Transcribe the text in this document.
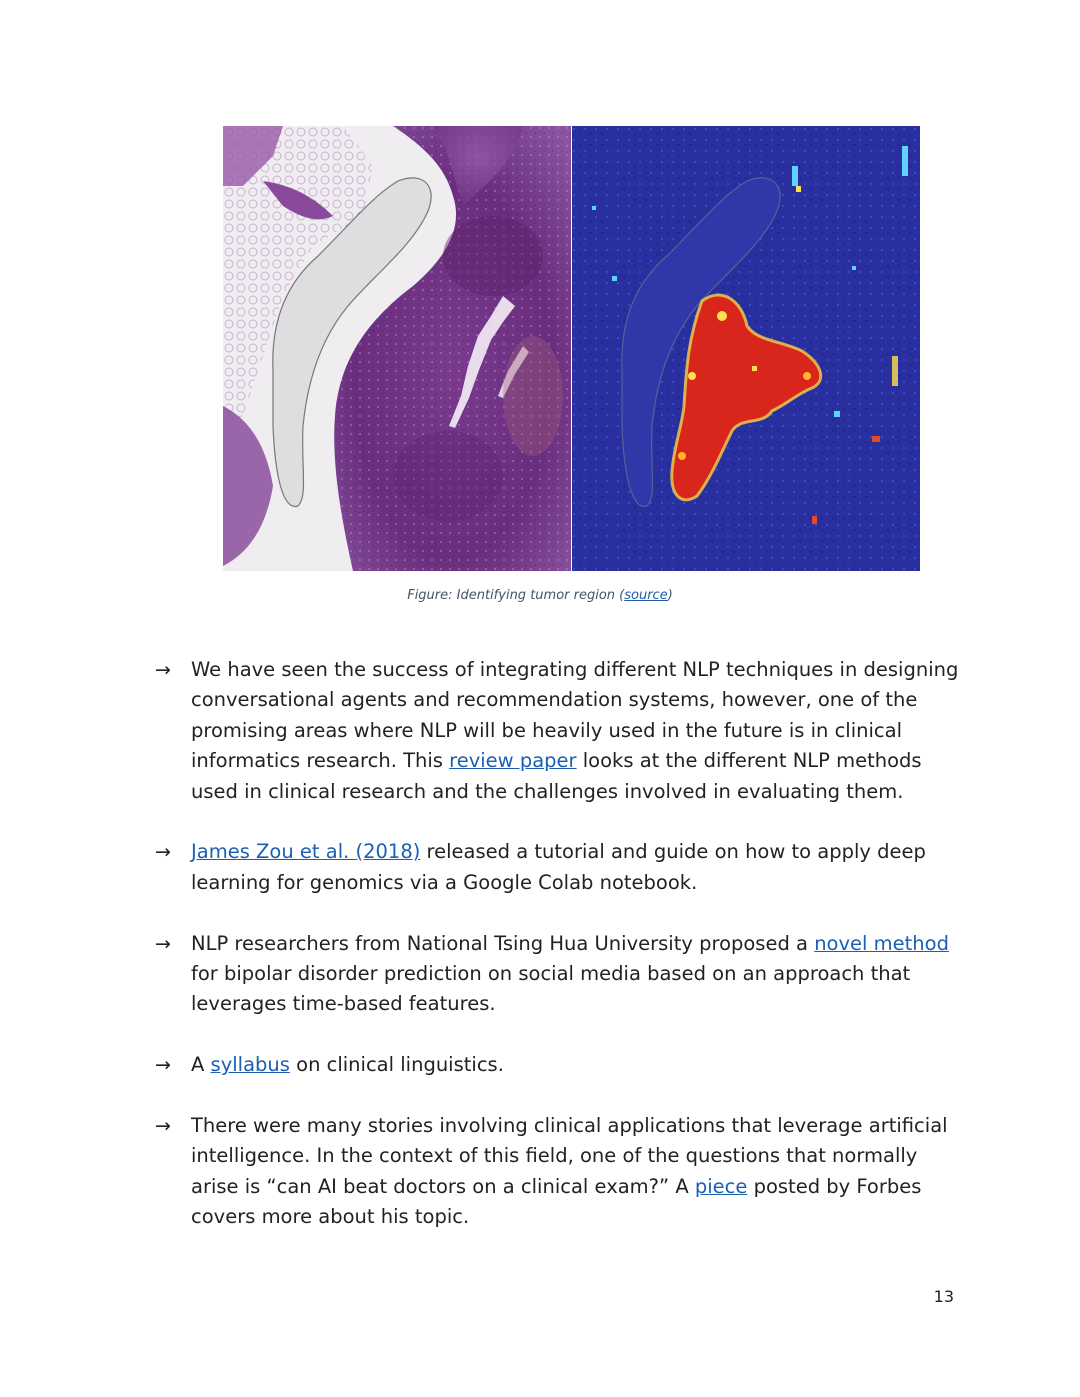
Figure: Identifying tumor region (source)
→ We have seen the success of integrating different NLP techniques in designing conversational agents and recommendation systems, however, one of the promising areas where NLP will be heavily used in the future is in clinical informatics research. This review paper looks at the different NLP methods used in clinical research and the challenges involved in evaluating them.
→ James Zou et al. (2018) released a tutorial and guide on how to apply deep learning for genomics via a Google Colab notebook.
→ NLP researchers from National Tsing Hua University proposed a novel method for bipolar disorder prediction on social media based on an approach that leverages time-based features.
→ A syllabus on clinical linguistics.
→ There were many stories involving clinical applications that leverage artificial intelligence. In the context of this field, one of the questions that normally arise is “can AI beat doctors on a clinical exam?” A piece posted by Forbes covers more about his topic.
13
